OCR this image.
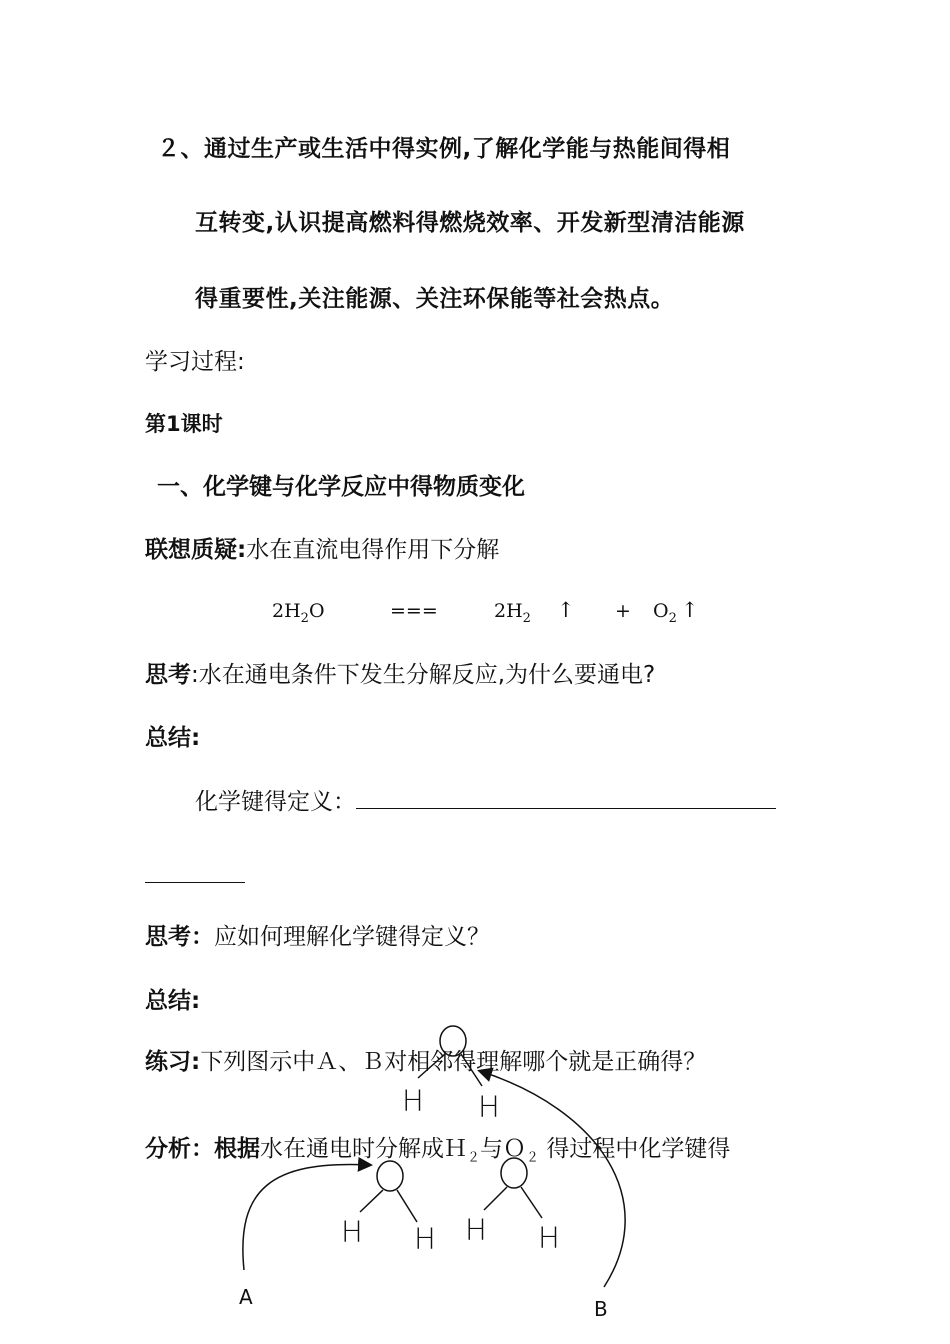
２、通过生产或生活中得实例,了解化学能与热能间得相
互转变,认识提高燃料得燃烧效率、开发新型清洁能源
得重要性,关注能源、关注环保能等社会热点。
学习过程:
第1课时
一、化学键与化学反应中得物质变化
联想质疑:水在直流电得作用下分解
$2H_2O$	===	$2H_2$ ↑ + $O_2$ ↑
思考:水在通电条件下发生分解反应,为什么要通电?
总结:
化学键得定义：
思考：应如何理解化学键得定义？
总结:
练习:下列图示中Ａ、Ｂ对相邻得理解哪个就是正确得？
分析：根据水在通电时分解成Ｈ$_2$与Ｏ$_2$ 得过程中化学键得
H H
H H H H
A	B
